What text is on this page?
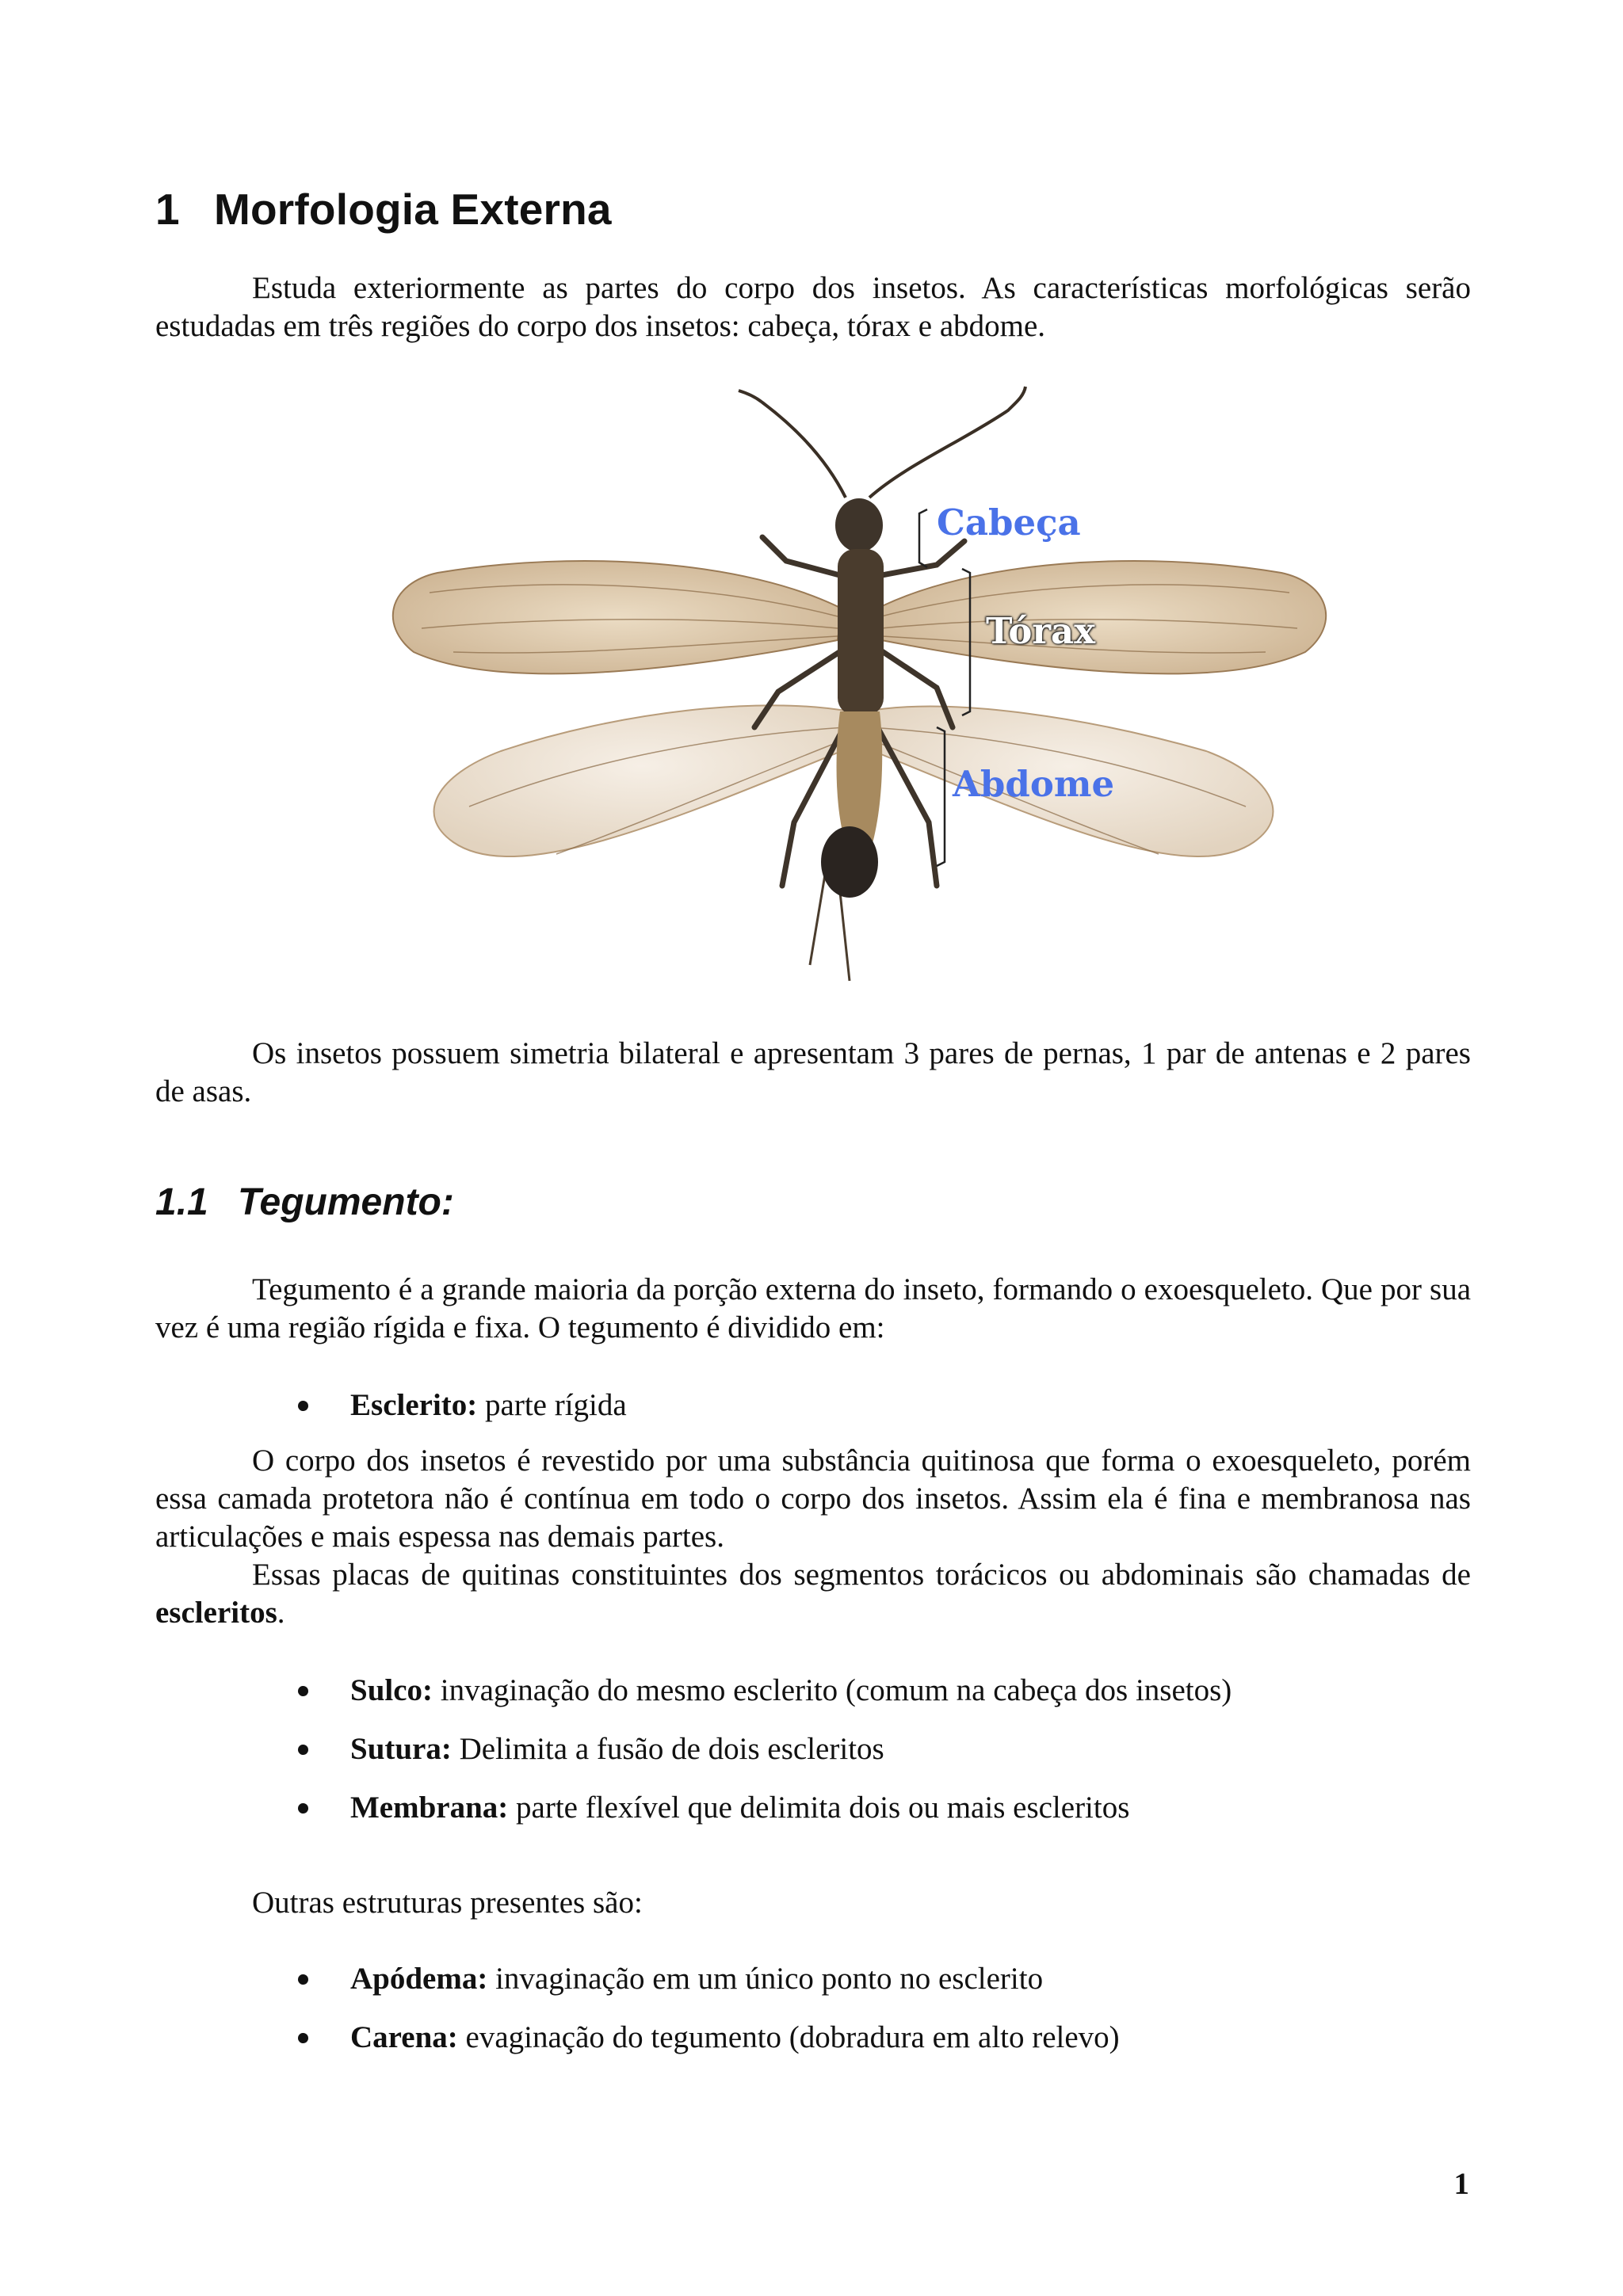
1 Morfologia Externa

Estuda exteriormente as partes do corpo dos insetos. As características morfológicas serão estudadas em três regiões do corpo dos insetos: cabeça, tórax e abdome.

Cabeça
Tórax
Abdome

Os insetos possuem simetria bilateral e apresentam 3 pares de pernas, 1 par de antenas e 2 pares de asas.

1.1 Tegumento:

Tegumento é a grande maioria da porção externa do inseto, formando o exoesqueleto. Que por sua vez é uma região rígida e fixa. O tegumento é dividido em:

Esclerito: parte rígida

O corpo dos insetos é revestido por uma substância quitinosa que forma o exoesqueleto, porém essa camada protetora não é contínua em todo o corpo dos insetos. Assim ela é fina e membranosa nas articulações e mais espessa nas demais partes.

Essas placas de quitinas constituintes dos segmentos torácicos ou abdominais são chamadas de escleritos.

Sulco: invaginação do mesmo esclerito (comum na cabeça dos insetos)
Sutura: Delimita a fusão de dois escleritos
Membrana: parte flexível que delimita dois ou mais escleritos

Outras estruturas presentes são:

Apódema: invaginação em um único ponto no esclerito
Carena: evaginação do tegumento (dobradura em alto relevo)
1
